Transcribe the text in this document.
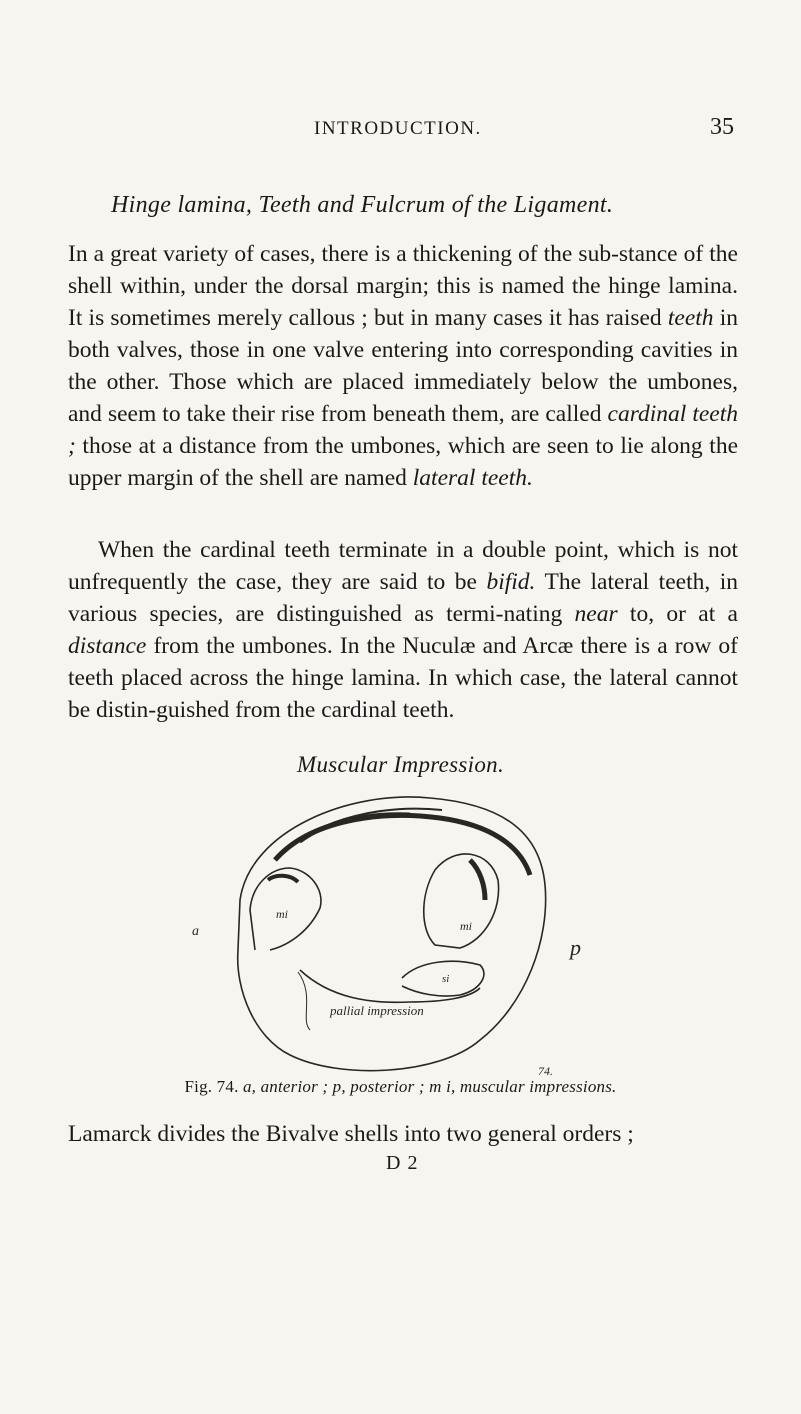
INTRODUCTION.	35
Hinge lamina, Teeth and Fulcrum of the Ligament.

In a great variety of cases, there is a thickening of the sub-stance of the shell within, under the dorsal margin; this is named the hinge lamina. It is sometimes merely callous ; but in many cases it has raised teeth in both valves, those in one valve entering into corresponding cavities in the other. Those which are placed immediately below the umbones, and seem to take their rise from beneath them, are called cardinal teeth ; those at a distance from the umbones, which are seen to lie along the upper margin of the shell are named lateral teeth.

When the cardinal teeth terminate in a double point, which is not unfrequently the case, they are said to be bifid. The lateral teeth, in various species, are distinguished as termi-nating near to, or at a distance from the umbones. In the Nuculæ and Arcæ there is a row of teeth placed across the hinge lamina. In which case, the lateral cannot be distin-guished from the cardinal teeth.

Muscular Impression.
a
p
mi
mi
si
pallial impression
74.
Fig. 74. a, anterior ; p, posterior ; m i, muscular impressions.
Lamarck divides the Bivalve shells into two general orders ;
D 2
